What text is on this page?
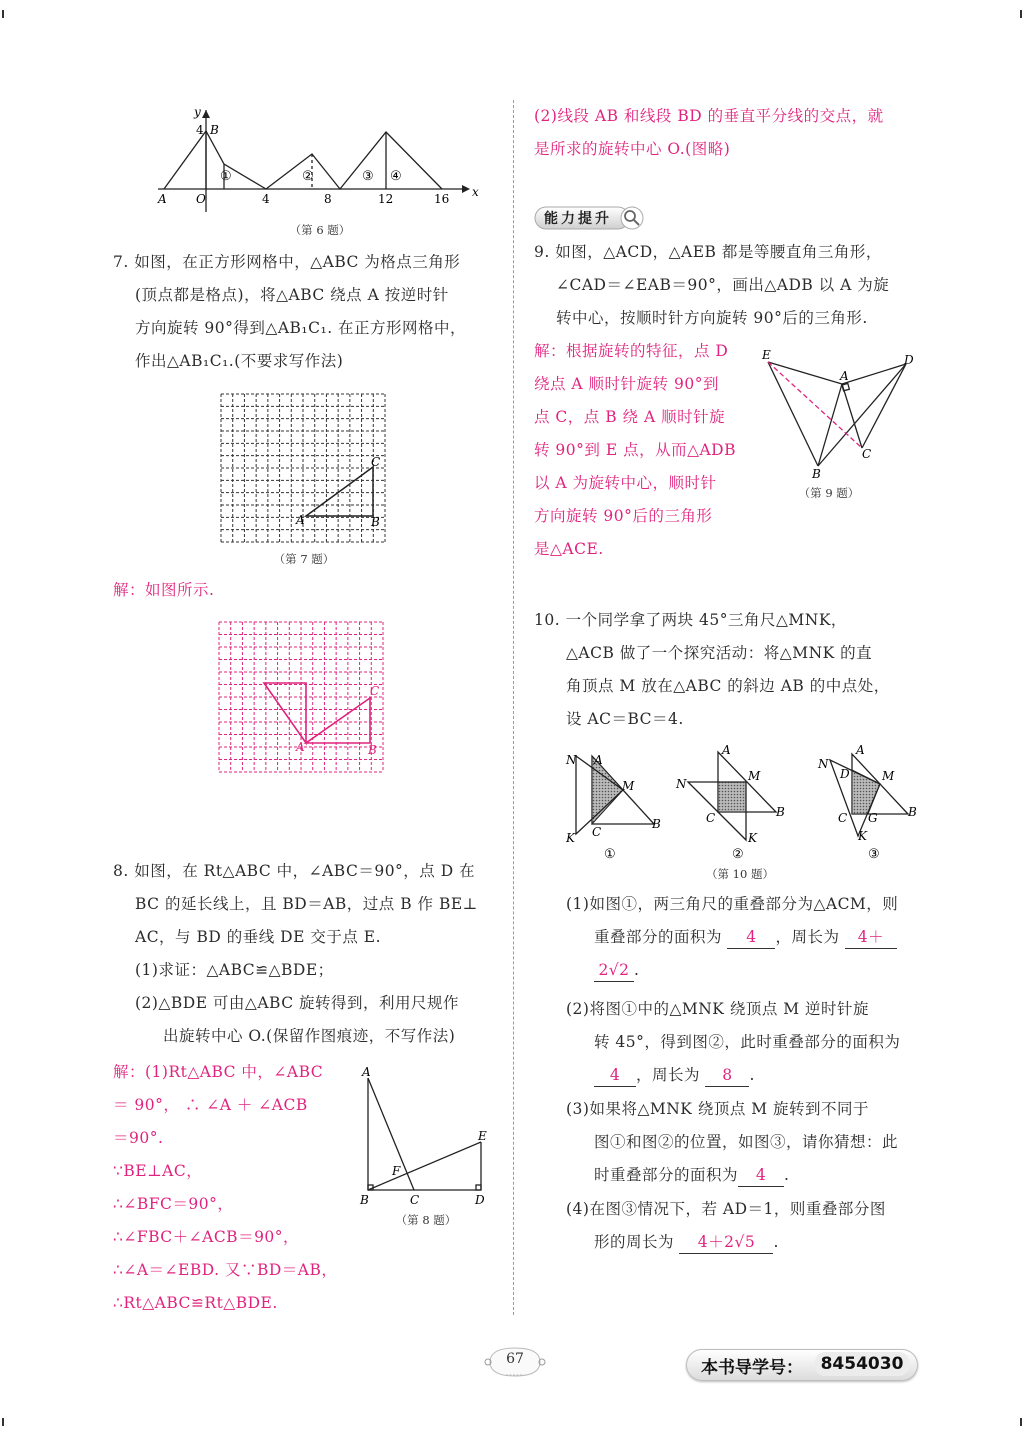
y
x
4 B
A O	4	8	12	16
①	②	③ ④
（第 6 题）
7. 如图，在正方形网格中，△ABC 为格点三角形
(顶点都是格点)，将△ABC 绕点 A 按逆时针
方向旋转 90°得到△AB₁C₁. 在正方形网格中，
作出△AB₁C₁.(不要求写作法)
A	B
C
（第 7 题）
解：如图所示.
A	B
C
8. 如图，在 Rt△ABC 中，∠ABC＝90°，点 D 在
BC 的延长线上，且 BD＝AB，过点 B 作 BE⊥
AC，与 BD 的垂线 DE 交于点 E.
(1)求证：△ABC≌△BDE；
(2)△BDE 可由△ABC 旋转得到，利用尺规作
出旋转中心 O.(保留作图痕迹，不写作法)
解：(1)Rt△ABC 中，∠ABC
＝ 90°， ∴ ∠A ＋ ∠ACB
＝90°.
∵BE⊥AC，
∴∠BFC＝90°，
∴∠FBC＋∠ACB＝90°，
∴∠A＝∠EBD. 又∵BD＝AB，
∴Rt△ABC≌Rt△BDE.
A
B	C	D
E
F
（第 8 题）
(2)线段 AB 和线段 BD 的垂直平分线的交点，就
是所求的旋转中心 O.(图略)
能力提升
9. 如图，△ACD，△AEB 都是等腰直角三角形，
∠CAD＝∠EAB＝90°，画出△ADB 以 A 为旋
转中心，按顺时针方向旋转 90°后的三角形.
解：根据旋转的特征，点 D
绕点 A 顺时针旋转 90°到
点 C，点 B 绕 A 顺时针旋
转 90°到 E 点，从而△ADB
以 A 为旋转中心，顺时针
方向旋转 90°后的三角形
是△ACE.
E
A
D
B
C
（第 9 题）
10. 一个同学拿了两块 45°三角尺△MNK，
△ACB 做了一个探究活动：将△MNK 的直
角顶点 M 放在△ABC 的斜边 AB 的中点处，
设 AC＝BC＝4.
N A
M
B
C
K
①
A
M
N
B
C
K
②
A
N
D	M
B
C G
K
③
（第 10 题）
(1)如图①，两三角尺的重叠部分为△ACM，则
重叠部分的面积为 4 ，周长为 4＋
2√2 .
(2)将图①中的△MNK 绕顶点 M 逆时针旋
转 45°，得到图②，此时重叠部分的面积为
4 ，周长为 8 .
(3)如果将△MNK 绕顶点 M 旋转到不同于
图①和图②的位置，如图③，请你猜想：此
时重叠部分的面积为 4 .
(4)在图③情况下，若 AD＝1，则重叠部分图
形的周长为 4＋2√5 .
67	本书导学号：	8454030
